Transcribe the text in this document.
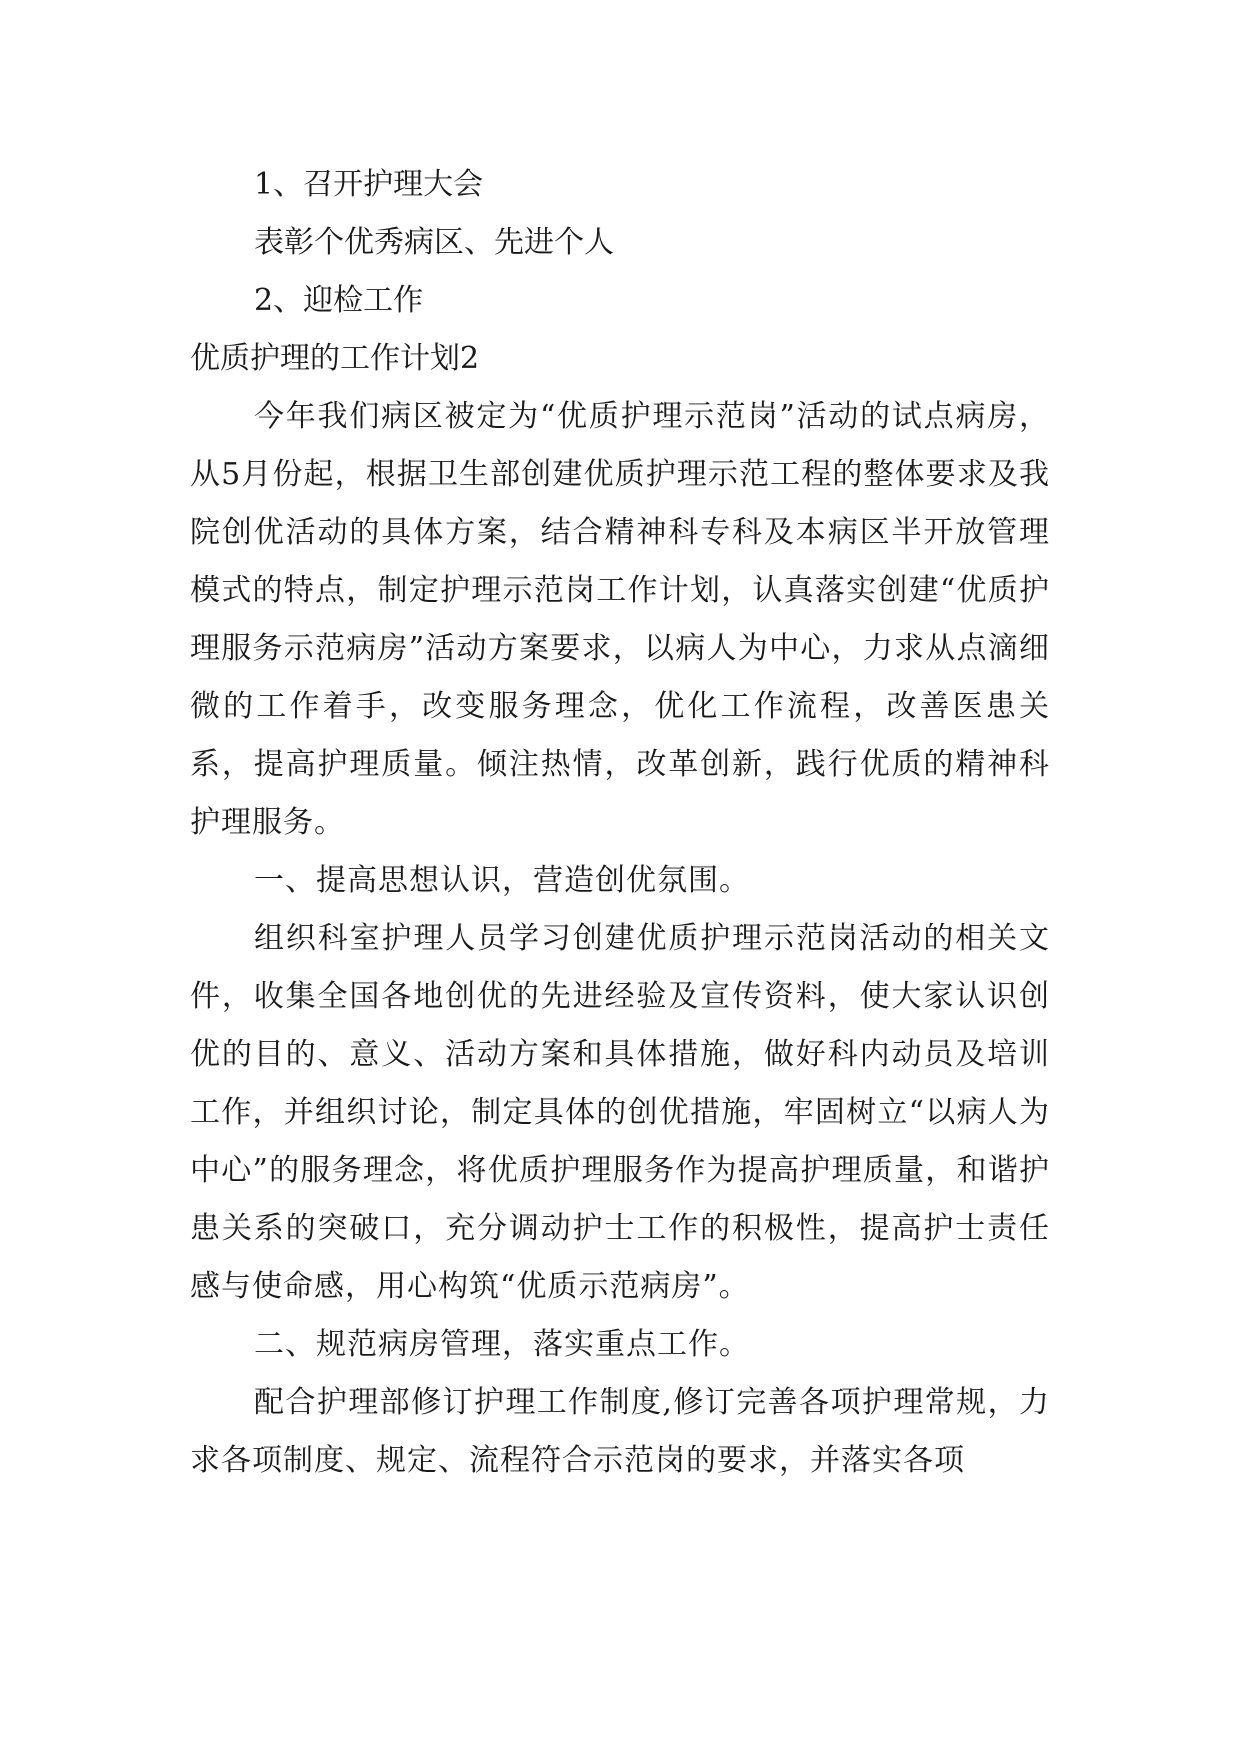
1、召开护理大会
表彰个优秀病区、先进个人
2、迎检工作
优质护理的工作计划2
今年我们病区被定为“优质护理示范岗”活动的试点病房，从5月份起，根据卫生部创建优质护理示范工程的整体要求及我院创优活动的具体方案，结合精神科专科及本病区半开放管理模式的特点，制定护理示范岗工作计划，认真落实创建“优质护理服务示范病房”活动方案要求，以病人为中心，力求从点滴细微的工作着手，改变服务理念，优化工作流程，改善医患关系，提高护理质量。倾注热情，改革创新，践行优质的精神科护理服务。
一、提高思想认识，营造创优氛围。
组织科室护理人员学习创建优质护理示范岗活动的相关文件，收集全国各地创优的先进经验及宣传资料，使大家认识创优的目的、意义、活动方案和具体措施，做好科内动员及培训工作，并组织讨论，制定具体的创优措施，牢固树立“以病人为中心”的服务理念，将优质护理服务作为提高护理质量，和谐护患关系的突破口，充分调动护士工作的积极性，提高护士责任感与使命感，用心构筑“优质示范病房”。
二、规范病房管理，落实重点工作。
配合护理部修订护理工作制度,修订完善各项护理常规，力求各项制度、规定、流程符合示范岗的要求，并落实各项
